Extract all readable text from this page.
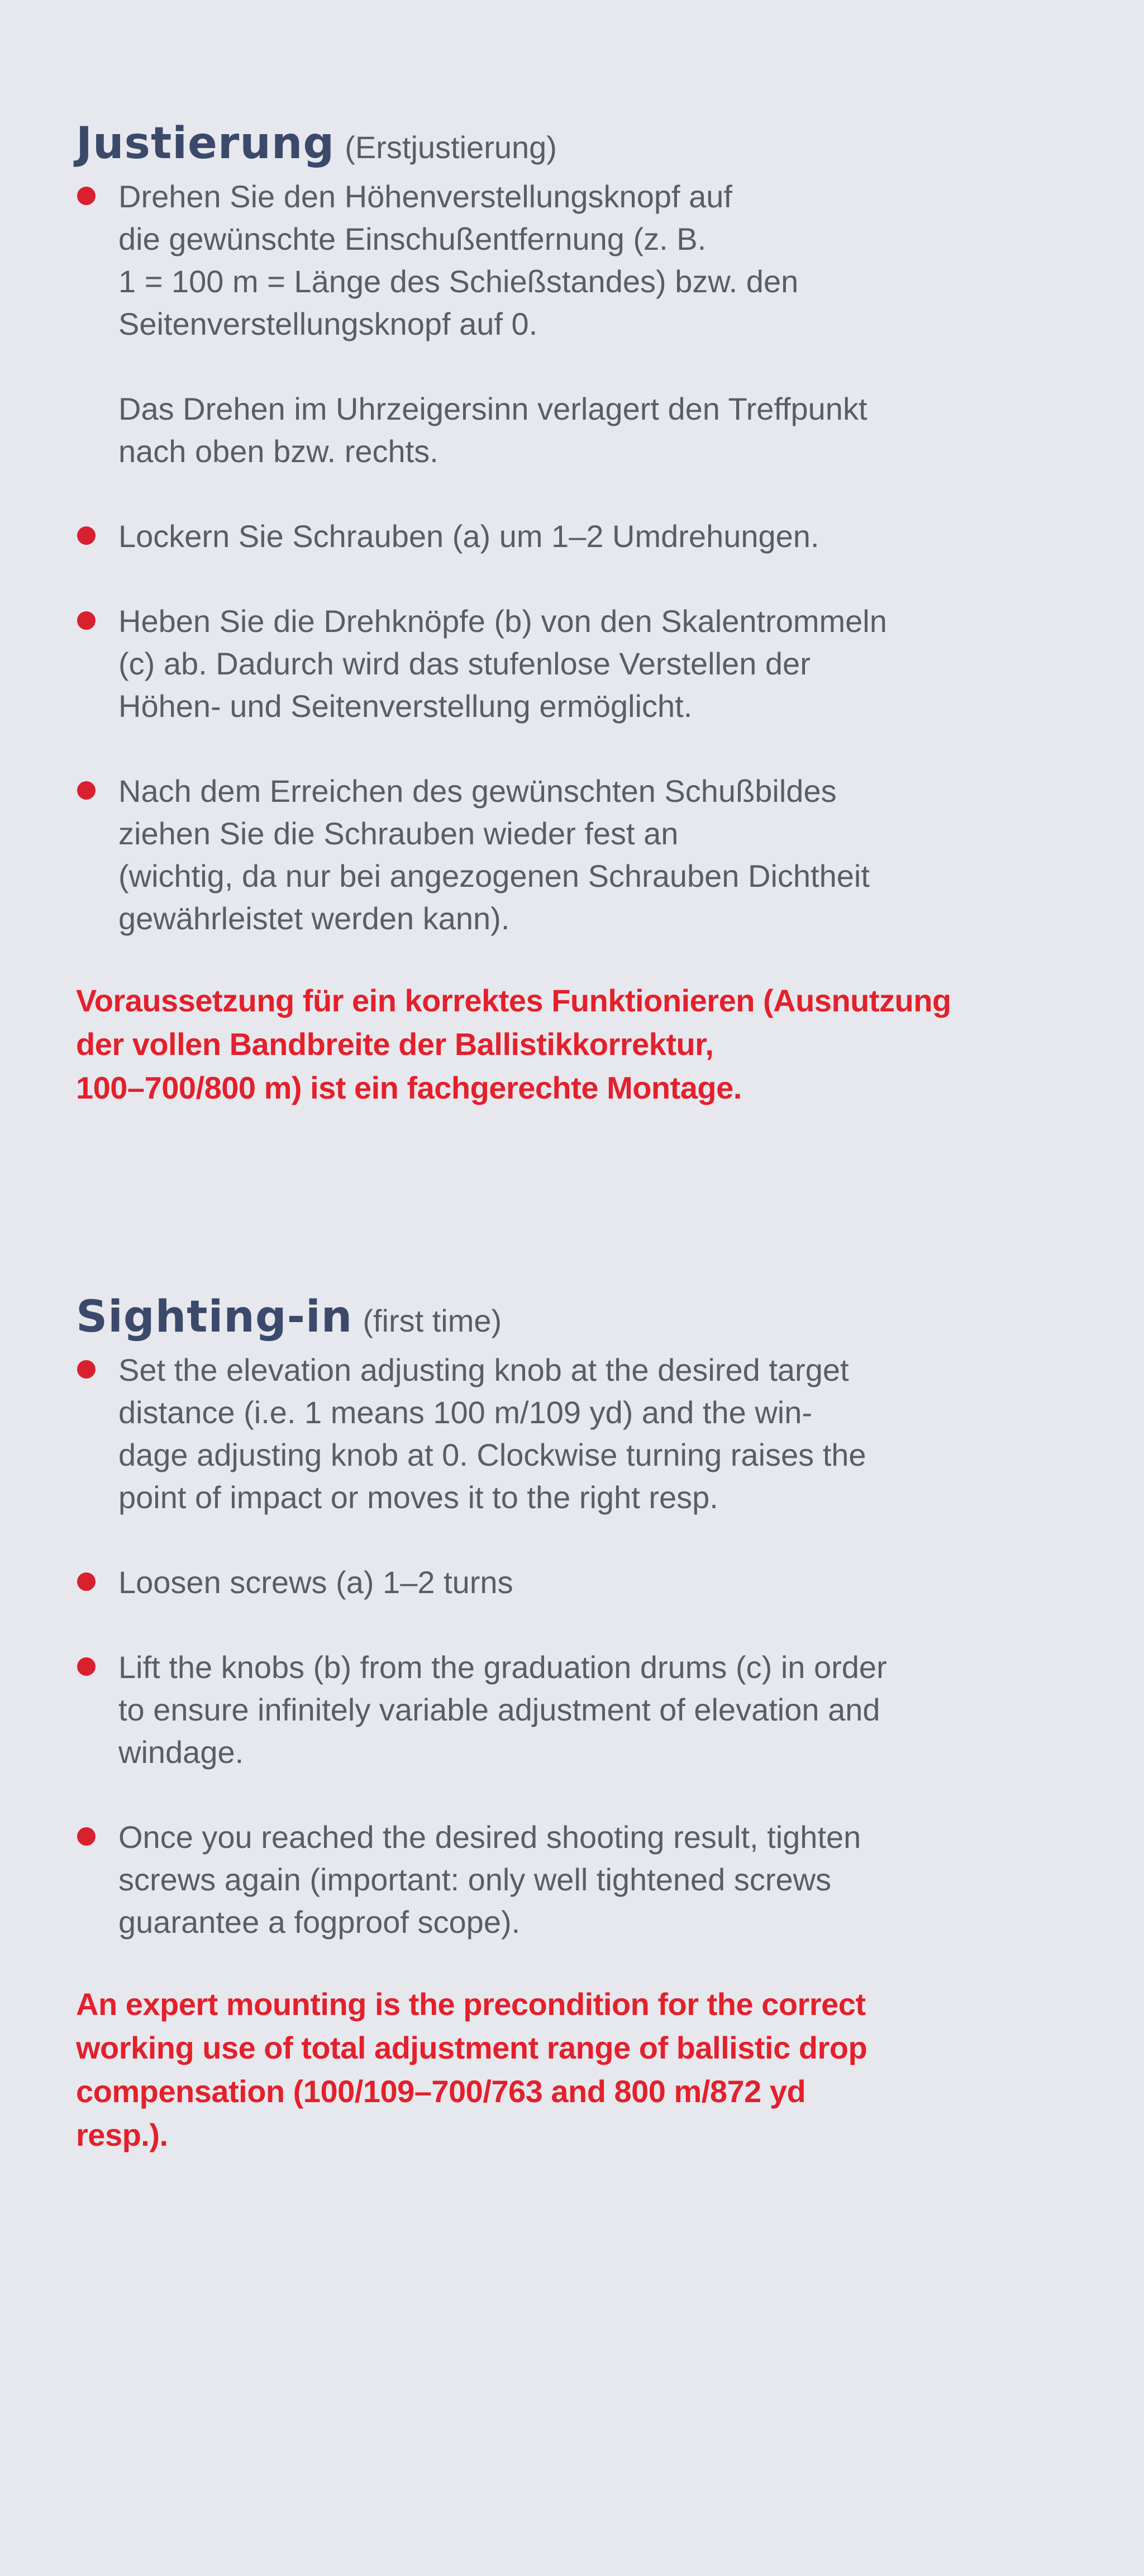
Justierung (Erstjustierung)

Drehen Sie den Höhenverstellungsknopf auf
die gewünschte Einschußentfernung (z. B.
1 = 100 m = Länge des Schießstandes) bzw. den
Seitenverstellungsknopf auf 0.

Das Drehen im Uhrzeigersinn verlagert den Treffpunkt
nach oben bzw. rechts.

Lockern Sie Schrauben (a) um 1–2 Umdrehungen.

Heben Sie die Drehknöpfe (b) von den Skalentrommeln
(c) ab. Dadurch wird das stufenlose Verstellen der
Höhen- und Seitenverstellung ermöglicht.

Nach dem Erreichen des gewünschten Schußbildes
ziehen Sie die Schrauben wieder fest an
(wichtig, da nur bei angezogenen Schrauben Dichtheit
gewährleistet werden kann).

Voraussetzung für ein korrektes Funktionieren (Ausnutzung
der vollen Bandbreite der Ballistikkorrektur,
100–700/800 m) ist ein fachgerechte Montage.

Sighting-in (first time)

Set the elevation adjusting knob at the desired target
distance (i.e. 1 means 100 m/109 yd) and the win-
dage adjusting knob at 0. Clockwise turning raises the
point of impact or moves it to the right resp.

Loosen screws (a) 1–2 turns

Lift the knobs (b) from the graduation drums (c) in order
to ensure infinitely variable adjustment of elevation and
windage.

Once you reached the desired shooting result, tighten
screws again (important: only well tightened screws
guarantee a fogproof scope).

An expert mounting is the precondition for the correct
working use of total adjustment range of ballistic drop
compensation (100/109–700/763 and 800 m/872 yd
resp.).
